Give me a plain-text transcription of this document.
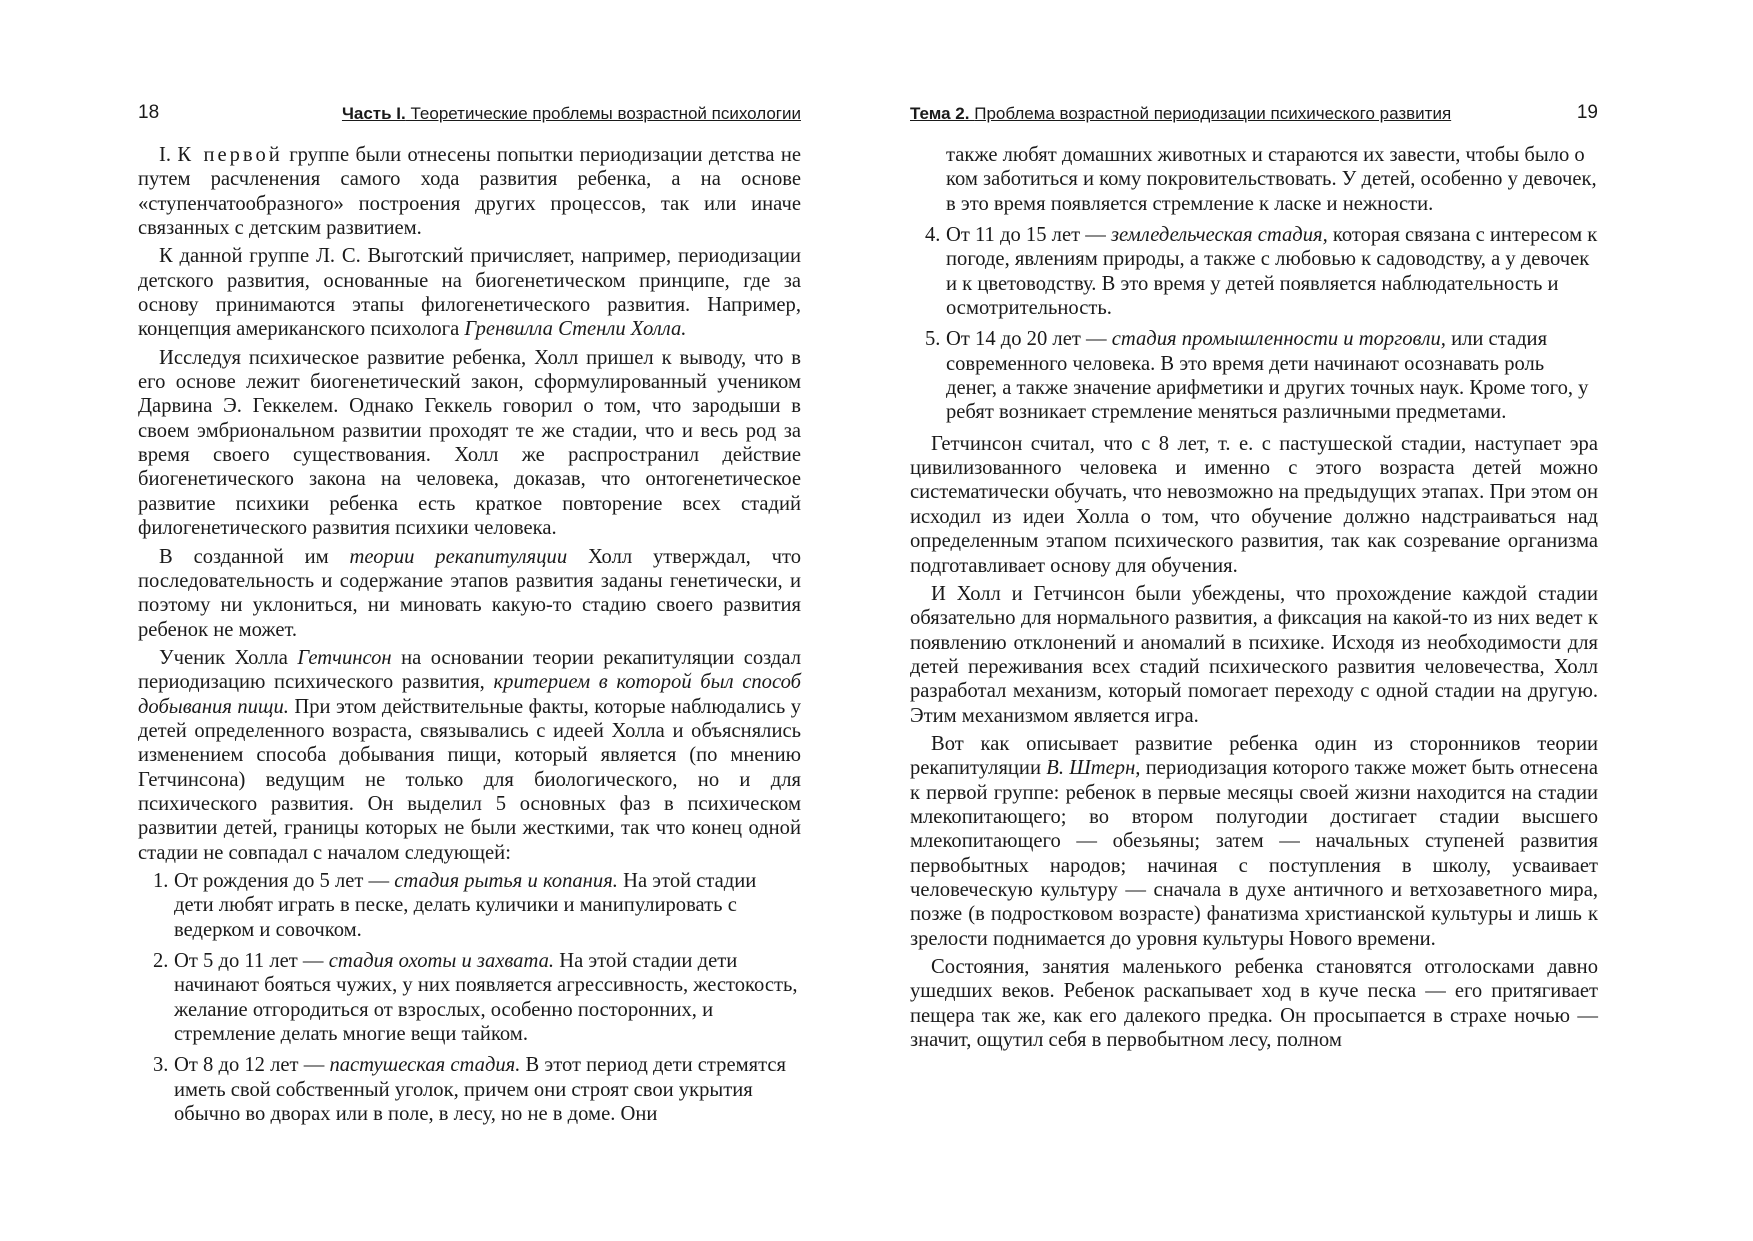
18	Часть I. Теоретические проблемы возрастной психологии

I. К первой группе были отнесены попытки периодизации детства не путем расчленения самого хода развития ребенка, а на основе «ступенчатообразного» построения других процессов, так или иначе связанных с детским развитием.

К данной группе Л. С. Выготский причисляет, например, периодизации детского развития, основанные на биогенетическом принципе, где за основу принимаются этапы филогенетического развития. Например, концепция американского психолога Гренвилла Стенли Холла.

Исследуя психическое развитие ребенка, Холл пришел к выводу, что в его основе лежит биогенетический закон, сформулированный учеником Дарвина Э. Геккелем. Однако Геккель говорил о том, что зародыши в своем эмбриональном развитии проходят те же стадии, что и весь род за время своего существования. Холл же распространил действие биогенетического закона на человека, доказав, что онтогенетическое развитие психики ребенка есть краткое повторение всех стадий филогенетического развития психики человека.

В созданной им теории рекапитуляции Холл утверждал, что последовательность и содержание этапов развития заданы генетически, и поэтому ни уклониться, ни миновать какую-то стадию своего развития ребенок не может.

Ученик Холла Гетчинсон на основании теории рекапитуляции создал периодизацию психического развития, критерием в которой был способ добывания пищи. При этом действительные факты, которые наблюдались у детей определенного возраста, связывались с идеей Холла и объяснялись изменением способа добывания пищи, который является (по мнению Гетчинсона) ведущим не только для биологического, но и для психического развития. Он выделил 5 основных фаз в психическом развитии детей, границы которых не были жесткими, так что конец одной стадии не совпадал с началом следующей:

1. От рождения до 5 лет — стадия рытья и копания. На этой стадии дети любят играть в песке, делать куличики и манипулировать с ведерком и совочком.
2. От 5 до 11 лет — стадия охоты и захвата. На этой стадии дети начинают бояться чужих, у них появляется агрессивность, жестокость, желание отгородиться от взрослых, особенно посторонних, и стремление делать многие вещи тайком.
3. От 8 до 12 лет — пастушеская стадия. В этот период дети стремятся иметь свой собственный уголок, причем они строят свои укрытия обычно во дворах или в поле, в лесу, но не в доме. Они
Тема 2. Проблема возрастной периодизации психического развития	19
также любят домашних животных и стараются их завести, чтобы было о ком заботиться и кому покровительствовать. У детей, особенно у девочек, в это время появляется стремление к ласке и нежности.
4. От 11 до 15 лет — земледельческая стадия, которая связана с интересом к погоде, явлениям природы, а также с любовью к садоводству, а у девочек и к цветоводству. В это время у детей появляется наблюдательность и осмотрительность.
5. От 14 до 20 лет — стадия промышленности и торговли, или стадия современного человека. В это время дети начинают осознавать роль денег, а также значение арифметики и других точных наук. Кроме того, у ребят возникает стремление меняться различными предметами.

Гетчинсон считал, что с 8 лет, т. е. с пастушеской стадии, наступает эра цивилизованного человека и именно с этого возраста детей можно систематически обучать, что невозможно на предыдущих этапах. При этом он исходил из идеи Холла о том, что обучение должно надстраиваться над определенным этапом психического развития, так как созревание организма подготавливает основу для обучения.

И Холл и Гетчинсон были убеждены, что прохождение каждой стадии обязательно для нормального развития, а фиксация на какой-то из них ведет к появлению отклонений и аномалий в психике. Исходя из необходимости для детей переживания всех стадий психического развития человечества, Холл разработал механизм, который помогает переходу с одной стадии на другую. Этим механизмом является игра.

Вот как описывает развитие ребенка один из сторонников теории рекапитуляции В. Штерн, периодизация которого также может быть отнесена к первой группе: ребенок в первые месяцы своей жизни находится на стадии млекопитающего; во втором полугодии достигает стадии высшего млекопитающего — обезьяны; затем — начальных ступеней развития первобытных народов; начиная с поступления в школу, усваивает человеческую культуру — сначала в духе античного и ветхозаветного мира, позже (в подростковом возрасте) фанатизма христианской культуры и лишь к зрелости поднимается до уровня культуры Нового времени.

Состояния, занятия маленького ребенка становятся отголосками давно ушедших веков. Ребенок раскапывает ход в куче песка — его притягивает пещера так же, как его далекого предка. Он просыпается в страхе ночью — значит, ощутил себя в первобытном лесу, полном
